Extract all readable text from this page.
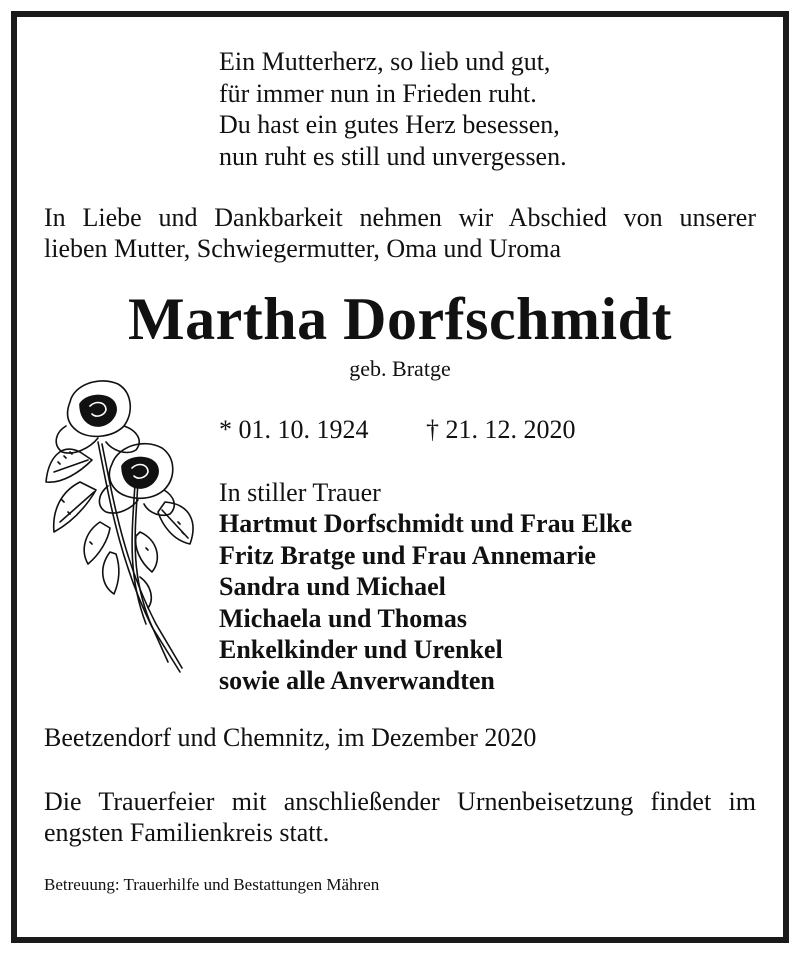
Ein Mutterherz, so lieb und gut,
für immer nun in Frieden ruht.
Du hast ein gutes Herz besessen,
nun ruht es still und unvergessen.
In Liebe und Dankbarkeit nehmen wir Abschied von unserer
lieben Mutter, Schwiegermutter, Oma und Uroma
Martha Dorfschmidt
geb. Bratge
* 01. 10. 1924 † 21. 12. 2020
In stiller Trauer
Hartmut Dorfschmidt und Frau Elke
Fritz Bratge und Frau Annemarie
Sandra und Michael
Michaela und Thomas
Enkelkinder und Urenkel
sowie alle Anverwandten
Beetzendorf und Chemnitz, im Dezember 2020
Die Trauerfeier mit anschließender Urnenbeisetzung findet im
engsten Familienkreis statt.
Betreuung: Trauerhilfe und Bestattungen Mähren
